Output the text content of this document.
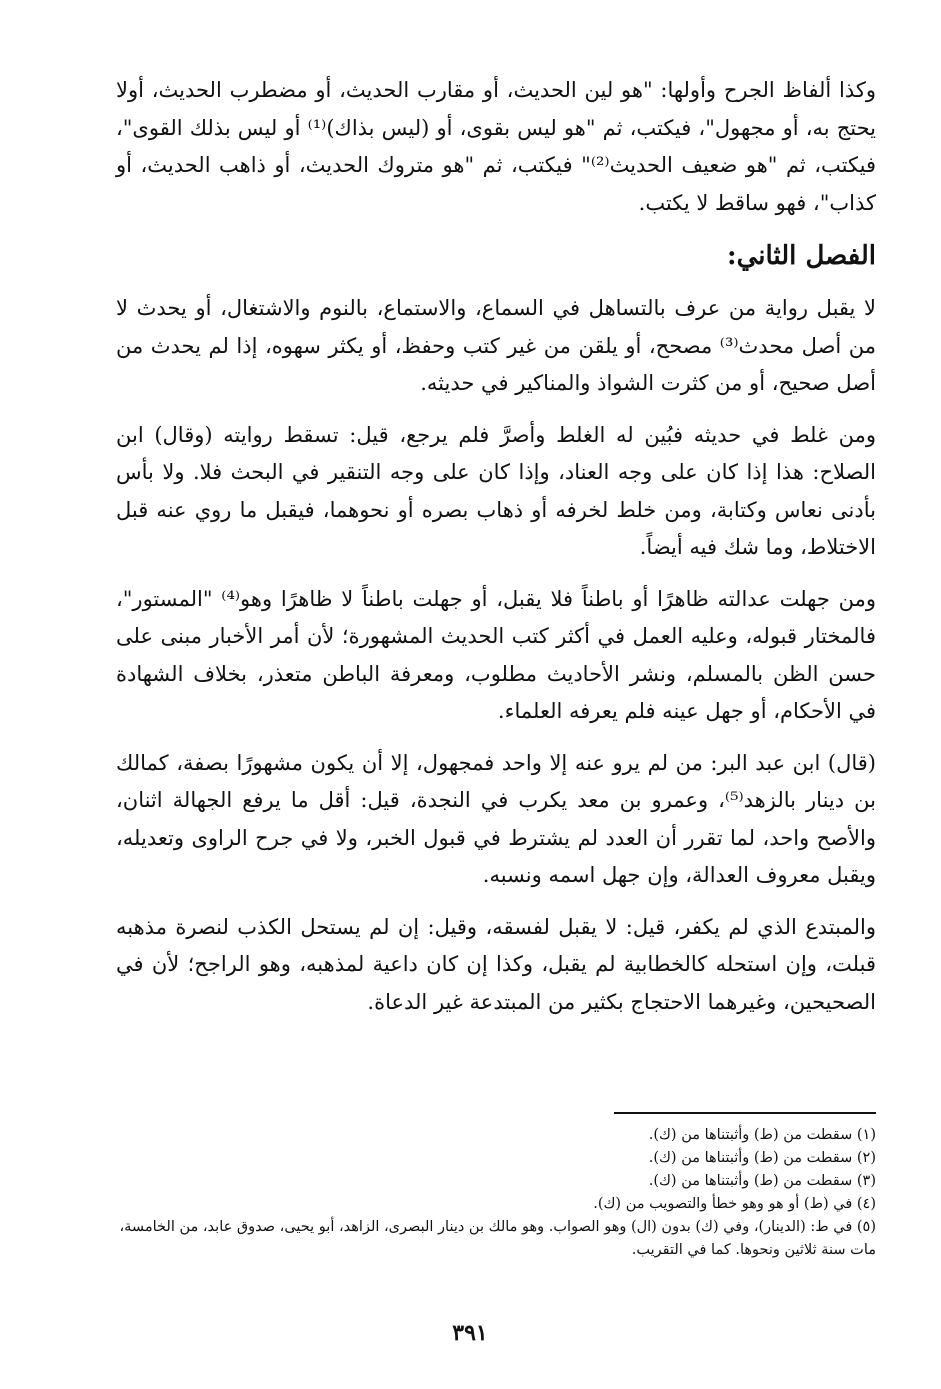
وكذا ألفاظ الجرح وأولها: "هو لين الحديث، أو مقارب الحديث، أو مضطرب الحديث، أولا يحتج به، أو مجهول"، فيكتب، ثم "هو ليس بقوى، أو (ليس بذاك)⁽¹⁾ أو ليس بذلك القوى"، فيكتب، ثم "هو ضعيف الحديث⁽²⁾" فيكتب، ثم "هو متروك الحديث، أو ذاهب الحديث، أو كذاب"، فهو ساقط لا يكتب.

الفصل الثاني:

لا يقبل رواية من عرف بالتساهل في السماع، والاستماع، بالنوم والاشتغال، أو يحدث لا من أصل محدث⁽³⁾ مصحح، أو يلقن من غير كتب وحفظ، أو يكثر سهوه، إذا لم يحدث من أصل صحيح، أو من كثرت الشواذ والمناكير في حديثه.

ومن غلط في حديثه فبُين له الغلط وأصرَّ فلم يرجع، قيل: تسقط روايته (وقال) ابن الصلاح: هذا إذا كان على وجه العناد، وإذا كان على وجه التنقير في البحث فلا. ولا بأس بأدنى نعاس وكتابة، ومن خلط لخرفه أو ذهاب بصره أو نحوهما، فيقبل ما روي عنه قبل الاختلاط، وما شك فيه أيضاً.

ومن جهلت عدالته ظاهرًا أو باطناً فلا يقبل، أو جهلت باطناً لا ظاهرًا وهو⁽⁴⁾ "المستور"، فالمختار قبوله، وعليه العمل في أكثر كتب الحديث المشهورة؛ لأن أمر الأخبار مبنى على حسن الظن بالمسلم، ونشر الأحاديث مطلوب، ومعرفة الباطن متعذر، بخلاف الشهادة في الأحكام، أو جهل عينه فلم يعرفه العلماء.

(قال) ابن عبد البر: من لم يرو عنه إلا واحد فمجهول، إلا أن يكون مشهورًا بصفة، كمالك بن دينار بالزهد⁽⁵⁾، وعمرو بن معد يكرب في النجدة، قيل: أقل ما يرفع الجهالة اثنان، والأصح واحد، لما تقرر أن العدد لم يشترط في قبول الخبر، ولا في جرح الراوى وتعديله، ويقبل معروف العدالة، وإن جهل اسمه ونسبه.

والمبتدع الذي لم يكفر، قيل: لا يقبل لفسقه، وقيل: إن لم يستحل الكذب لنصرة مذهبه قبلت، وإن استحله كالخطابية لم يقبل، وكذا إن كان داعية لمذهبه، وهو الراجح؛ لأن في الصحيحين، وغيرهما الاحتجاج بكثير من المبتدعة غير الدعاة.

(١) سقطت من (ط) وأثبتناها من (ك).

(٢) سقطت من (ط) وأثبتناها من (ك).

(٣) سقطت من (ط) وأثبتناها من (ك).

(٤) في (ط) أو هو وهو خطأ والتصويب من (ك).

(٥) في ط: (الدينار)، وفي (ك) بدون (ال) وهو الصواب. وهو مالك بن دينار البصرى، الزاهد، أبو يحيى، صدوق عابد، من الخامسة، مات سنة ثلاثين ونحوها. كما في التقريب.

٣٩١
